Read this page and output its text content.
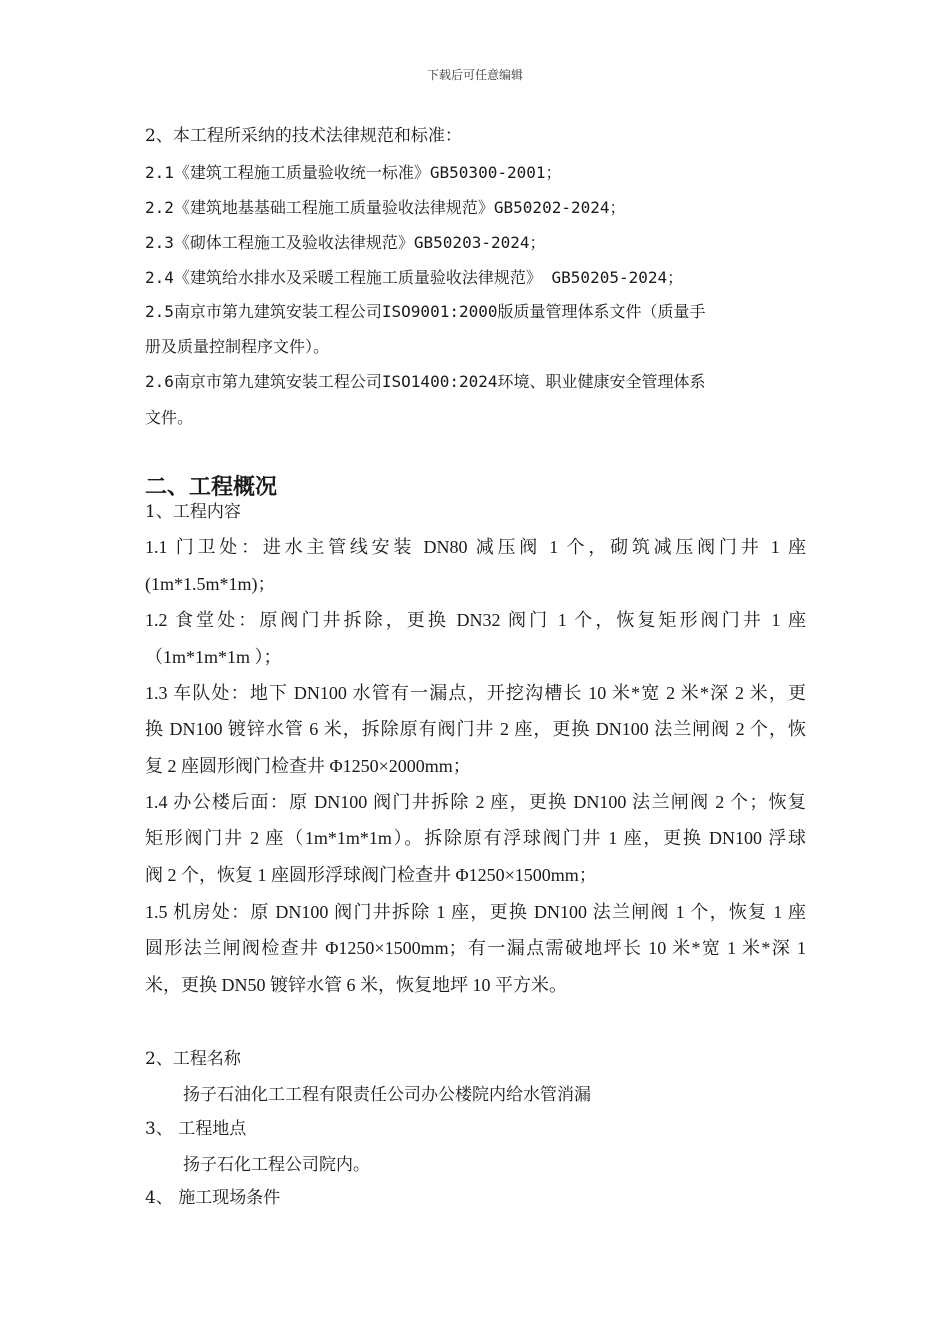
下载后可任意编辑
2、本工程所采纳的技术法律规范和标准：
2.1《建筑工程施工质量验收统一标准》GB50300-2001；
2.2《建筑地基基础工程施工质量验收法律规范》GB50202-2024；
2.3《砌体工程施工及验收法律规范》GB50203-2024；
2.4《建筑给水排水及采暖工程施工质量验收法律规范》 GB50205-2024；
2.5南京市第九建筑安装工程公司ISO9001:2000版质量管理体系文件（质量手
册及质量控制程序文件）。
2.6南京市第九建筑安装工程公司ISO1400:2024环境、职业健康安全管理体系
文件。
二、工程概况
1、工程内容
1.1 门卫处：进水主管线安装 DN80 减压阀 1 个，砌筑减压阀门井 1 座
(1m*1.5m*1m)；
1.2 食堂处：原阀门井拆除，更换 DN32 阀门 1 个，恢复矩形阀门井 1 座
（1m*1m*1m ）；
1.3 车队处：地下 DN100 水管有一漏点，开挖沟槽长 10 米*宽 2 米*深 2 米，更
换 DN100 镀锌水管 6 米，拆除原有阀门井 2 座，更换 DN100 法兰闸阀 2 个，恢
复 2 座圆形阀门检查井 Φ1250×2000mm；
1.4 办公楼后面：原 DN100 阀门井拆除 2 座，更换 DN100 法兰闸阀 2 个；恢复
矩形阀门井 2 座（1m*1m*1m）。拆除原有浮球阀门井 1 座，更换 DN100 浮球
阀 2 个，恢复 1 座圆形浮球阀门检查井 Φ1250×1500mm；
1.5 机房处：原 DN100 阀门井拆除 1 座，更换 DN100 法兰闸阀 1 个，恢复 1 座
圆形法兰闸阀检查井 Φ1250×1500mm；有一漏点需破地坪长 10 米*宽 1 米*深 1
米，更换 DN50 镀锌水管 6 米，恢复地坪 10 平方米。
2、工程名称
扬子石油化工工程有限责任公司办公楼院内给水管消漏
3、 工程地点
扬子石化工程公司院内。
4、 施工现场条件
